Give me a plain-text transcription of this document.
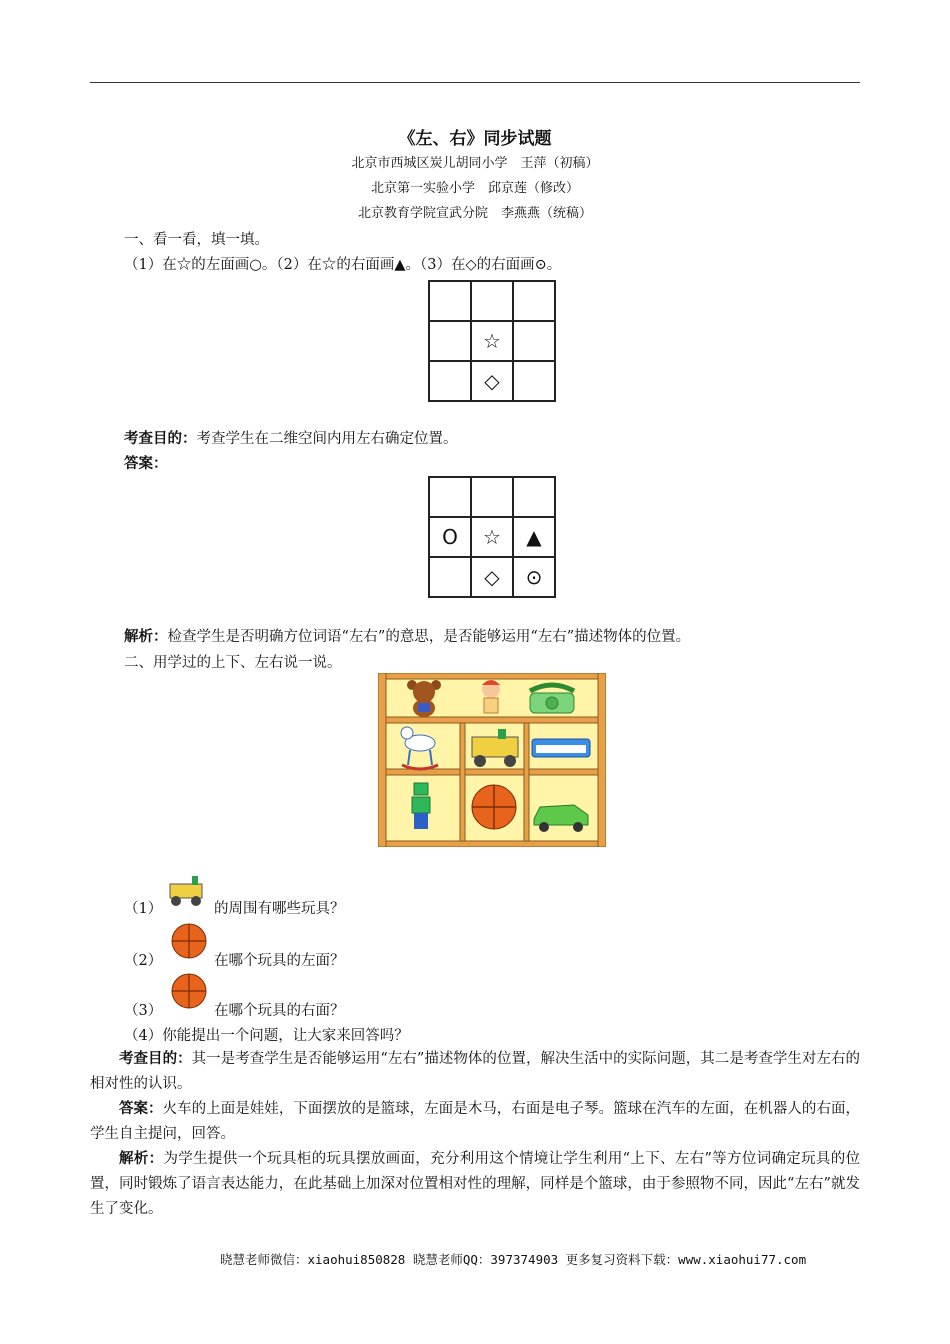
《左、右》同步试题
北京市西城区炭儿胡同小学　王萍（初稿）
北京第一实验小学　邱京莲（修改）
北京教育学院宣武分院　李燕燕（统稿）
一、看一看，填一填。
（1）在☆的左面画○。（2）在☆的右面画▲。（3）在◇的右面画⊙。

	☆	
	◇	
考查目的：考查学生在二维空间内用左右确定位置。
答案：

O	☆	▲
	◇	⊙
解析：检查学生是否明确方位词语“左右”的意思，是否能够运用“左右”描述物体的位置。
二、用学过的上下、左右说一说。
（1）	的周围有哪些玩具？
（2）	在哪个玩具的左面？
（3）	在哪个玩具的右面？
（4）你能提出一个问题，让大家来回答吗？
考查目的：其一是考查学生是否能够运用“左右”描述物体的位置，解决生活中的实际问题，其二是考查学生对左右的相对性的认识。
答案：火车的上面是娃娃，下面摆放的是篮球，左面是木马，右面是电子琴。篮球在汽车的左面，在机器人的右面，学生自主提问，回答。
解析：为学生提供一个玩具柜的玩具摆放画面，充分利用这个情境让学生利用“上下、左右”等方位词确定玩具的位置，同时锻炼了语言表达能力，在此基础上加深对位置相对性的理解，同样是个篮球，由于参照物不同，因此“左右”就发生了变化。
晓慧老师微信：xiaohui850828 晓慧老师QQ：397374903 更多复习资料下载：www.xiaohui77.com
